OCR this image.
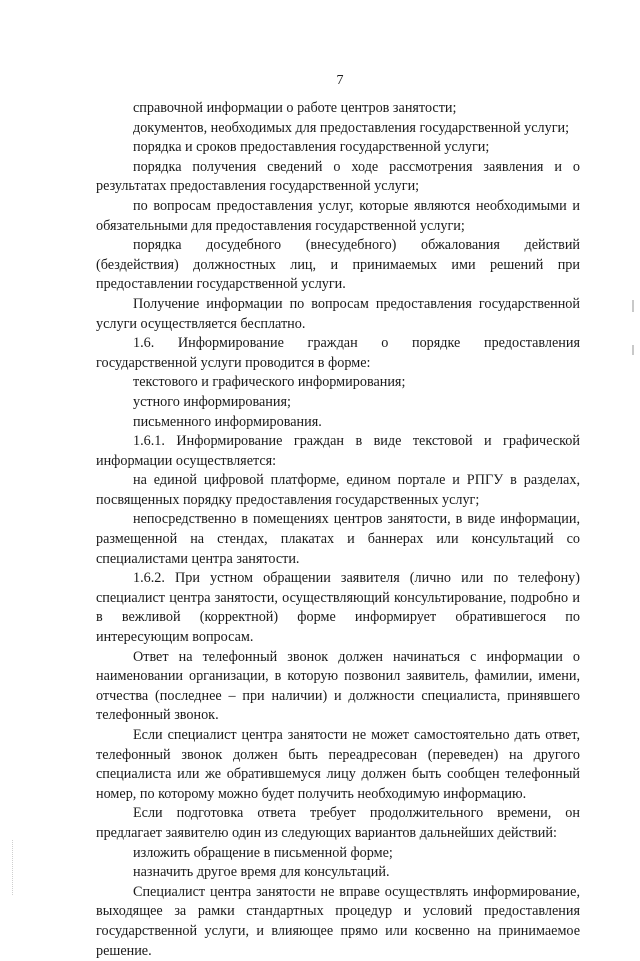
7

справочной информации о работе центров занятости;

документов, необходимых для предоставления государственной услуги;

порядка и сроков предоставления государственной услуги;

порядка получения сведений о ходе рассмотрения заявления и о результатах предоставления государственной услуги;

по вопросам предоставления услуг, которые являются необходимыми и обязательными для предоставления государственной услуги;

порядка досудебного (внесудебного) обжалования действий (бездействия) должностных лиц, и принимаемых ими решений при предоставлении государственной услуги.

Получение информации по вопросам предоставления государственной услуги осуществляется бесплатно.

1.6. Информирование граждан о порядке предоставления государственной услуги проводится в форме:

текстового и графического информирования;

устного информирования;

письменного информирования.

1.6.1. Информирование граждан в виде текстовой и графической информации осуществляется:

на единой цифровой платформе, едином портале и РПГУ в разделах, посвященных порядку предоставления государственных услуг;

непосредственно в помещениях центров занятости, в виде информации, размещенной на стендах, плакатах и баннерах или консультаций со специалистами центра занятости.

1.6.2. При устном обращении заявителя (лично или по телефону) специалист центра занятости, осуществляющий консультирование, подробно и в вежливой (корректной) форме информирует обратившегося по интересующим вопросам.

Ответ на телефонный звонок должен начинаться с информации о наименовании организации, в которую позвонил заявитель, фамилии, имени, отчества (последнее – при наличии) и должности специалиста, принявшего телефонный звонок.

Если специалист центра занятости не может самостоятельно дать ответ, телефонный звонок должен быть переадресован (переведен) на другого специалиста или же обратившемуся лицу должен быть сообщен телефонный номер, по которому можно будет получить необходимую информацию.

Если подготовка ответа требует продолжительного времени, он предлагает заявителю один из следующих вариантов дальнейших действий:

изложить обращение в письменной форме;

назначить другое время для консультаций.

Специалист центра занятости не вправе осуществлять информирование, выходящее за рамки стандартных процедур и условий предоставления государственной услуги, и влияющее прямо или косвенно на принимаемое решение.
